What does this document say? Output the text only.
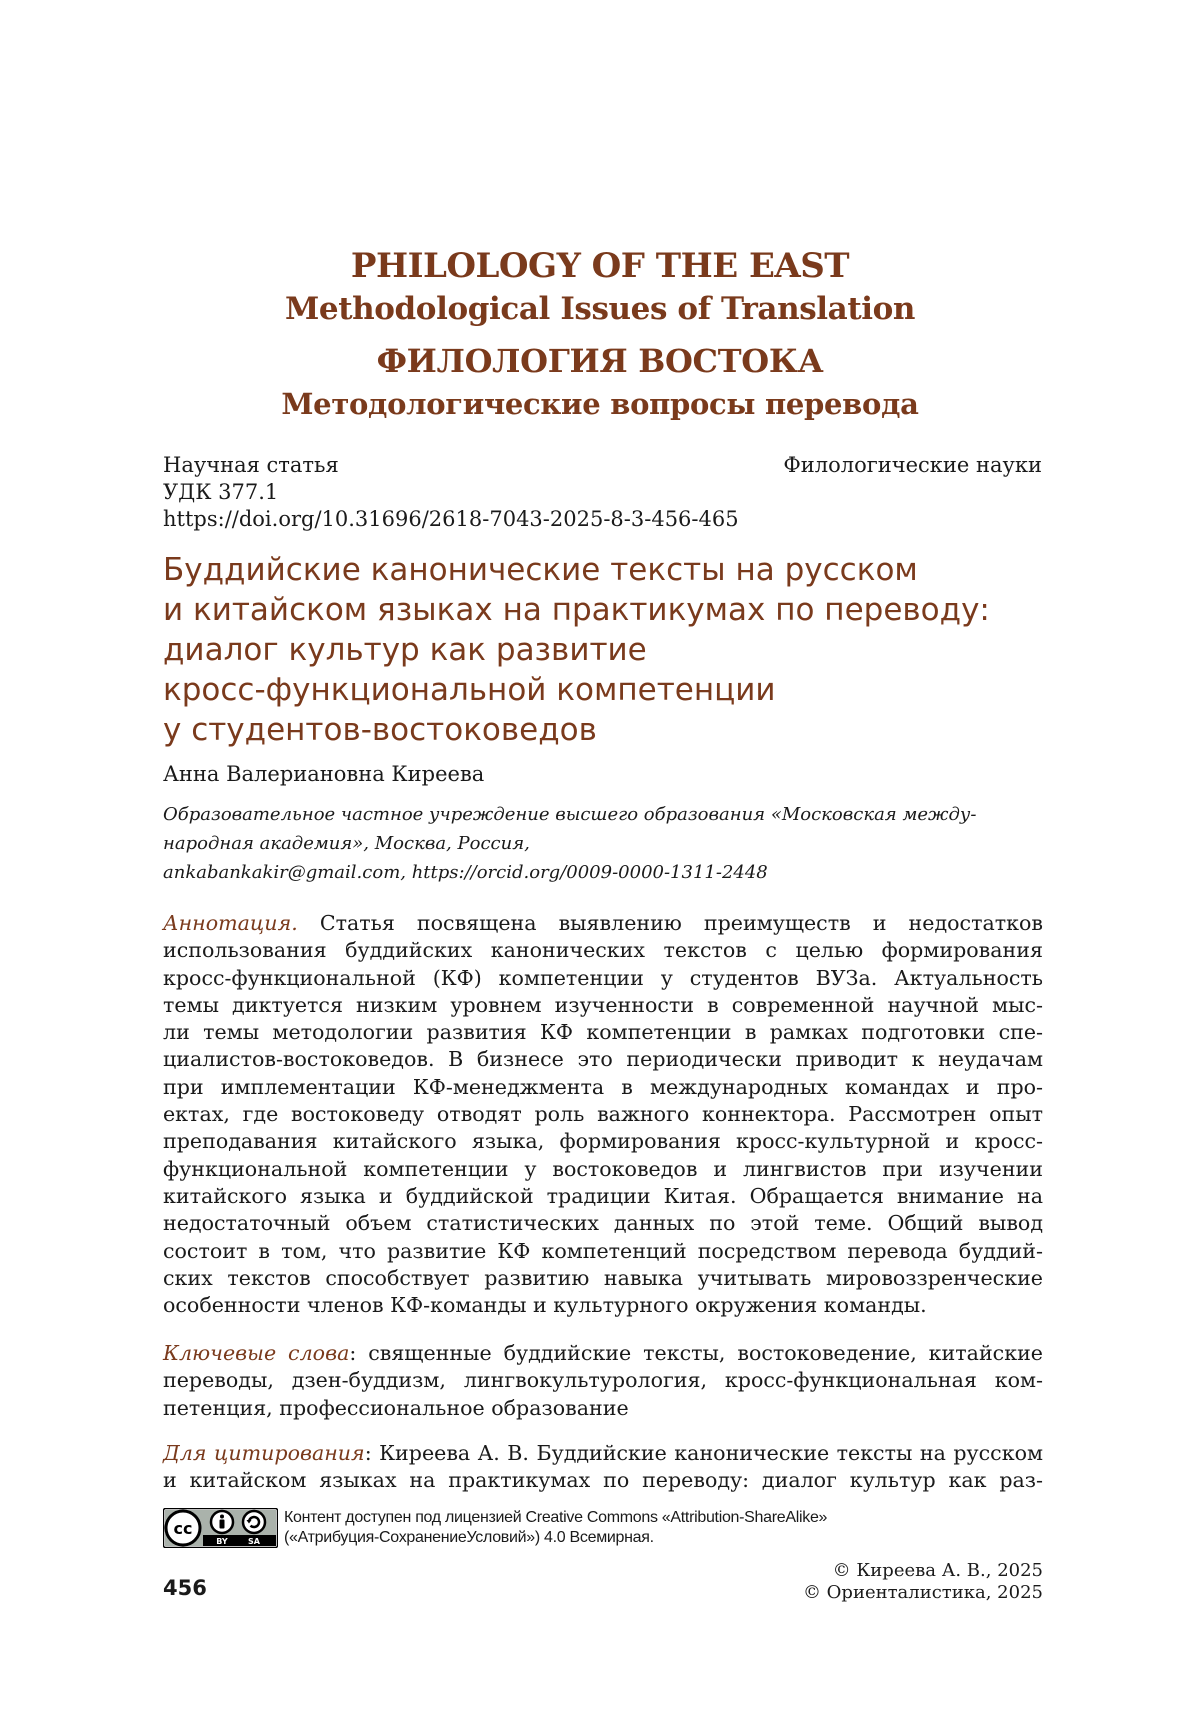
PHILOLOGY OF THE EAST
Methodological Issues of Translation
ФИЛОЛОГИЯ ВОСТОКА
Методологические вопросы перевода
Научная статья	Филологические науки
УДК 377.1
https://doi.org/10.31696/2618-7043-2025-8-3-456-465
Буддийские канонические тексты на русском
и китайском языках на практикумах по переводу:
диалог культур как развитие
кросс-функциональной компетенции
у студентов-востоковедов
Анна Валериановна Киреева
Образовательное частное учреждение высшего образования «Московская между-
народная академия», Москва, Россия,
ankabankakir@gmail.com, https://orcid.org/0009-0000-1311-2448
Аннотация. Статья посвящена выявлению преимуществ и недостатков
использования буддийских канонических текстов с целью формирования
кросс-функциональной (КФ) компетенции у студентов ВУЗа. Актуальность
темы диктуется низким уровнем изученности в современной научной мыс-
ли темы методологии развития КФ компетенции в рамках подготовки спе-
циалистов-востоковедов. В бизнесе это периодически приводит к неудачам
при имплементации КФ-менеджмента в международных командах и про-
ектах, где востоковеду отводят роль важного коннектора. Рассмотрен опыт
преподавания китайского языка, формирования кросс-культурной и кросс-
функциональной компетенции у востоковедов и лингвистов при изучении
китайского языка и буддийской традиции Китая. Обращается внимание на
недостаточный объем статистических данных по этой теме. Общий вывод
состоит в том, что развитие КФ компетенций посредством перевода буддий-
ских текстов способствует развитию навыка учитывать мировоззренческие
особенности членов КФ-команды и культурного окружения команды.
Ключевые слова: священные буддийские тексты, востоковедение, китайские
переводы, дзен-буддизм, лингвокультурология, кросс-функциональная ком-
петенция, профессиональное образование
Для цитирования: Киреева А. В. Буддийские канонические тексты на русском
и китайском языках на практикумах по переводу: диалог культур как раз-
cc
BY	SA
Контент доступен под лицензией Creative Commons «Attribution-ShareAlike»
(«Атрибуция-СохранениеУсловий») 4.0 Всемирная.
456
© Киреева А. В., 2025
© Ориенталистика, 2025
